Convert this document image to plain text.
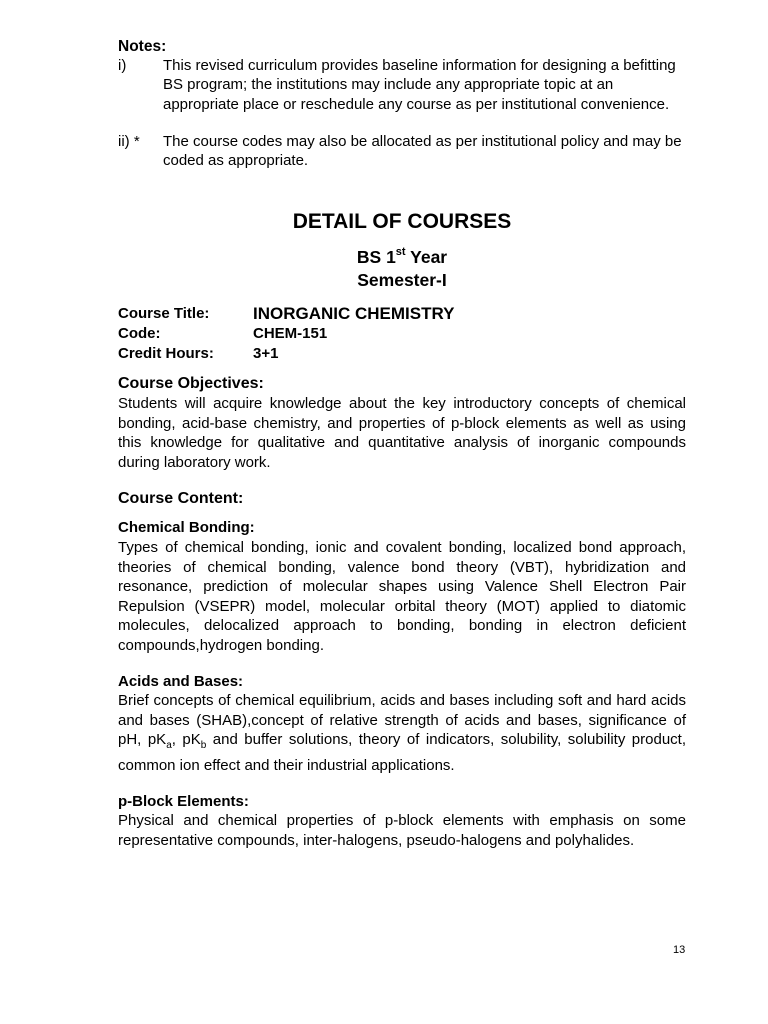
Notes:
i)	This revised curriculum provides baseline information for designing a befitting BS program; the institutions may include any appropriate topic at an appropriate place or reschedule any course as per institutional convenience.
ii) *	The course codes may also be allocated as per institutional policy and may be coded as appropriate.
DETAIL OF COURSES
BS 1st Year
Semester-I
Course Title:	INORGANIC CHEMISTRY
Code:	CHEM-151
Credit Hours:	3+1
Course Objectives:
Students will acquire knowledge about the key introductory concepts of chemical bonding, acid-base chemistry, and properties of p-block elements as well as using this knowledge for qualitative and quantitative analysis of inorganic compounds during laboratory work.
Course Content:
Chemical Bonding:
Types of chemical bonding, ionic and covalent bonding, localized bond approach, theories of chemical bonding, valence bond theory (VBT), hybridization and resonance, prediction of molecular shapes using Valence Shell Electron Pair Repulsion (VSEPR) model, molecular orbital theory (MOT) applied to diatomic molecules, delocalized approach to bonding, bonding in electron deficient compounds,hydrogen bonding.
Acids and Bases:
Brief concepts of chemical equilibrium, acids and bases including soft and hard acids and bases (SHAB),concept of relative strength of acids and bases, significance of pH, $pK_a$, $pK_b$ and buffer solutions, theory of indicators, solubility, solubility product, common ion effect and their industrial applications.
p-Block Elements:
Physical and chemical properties of p-block elements with emphasis on some representative compounds, inter-halogens, pseudo-halogens and polyhalides.
13
